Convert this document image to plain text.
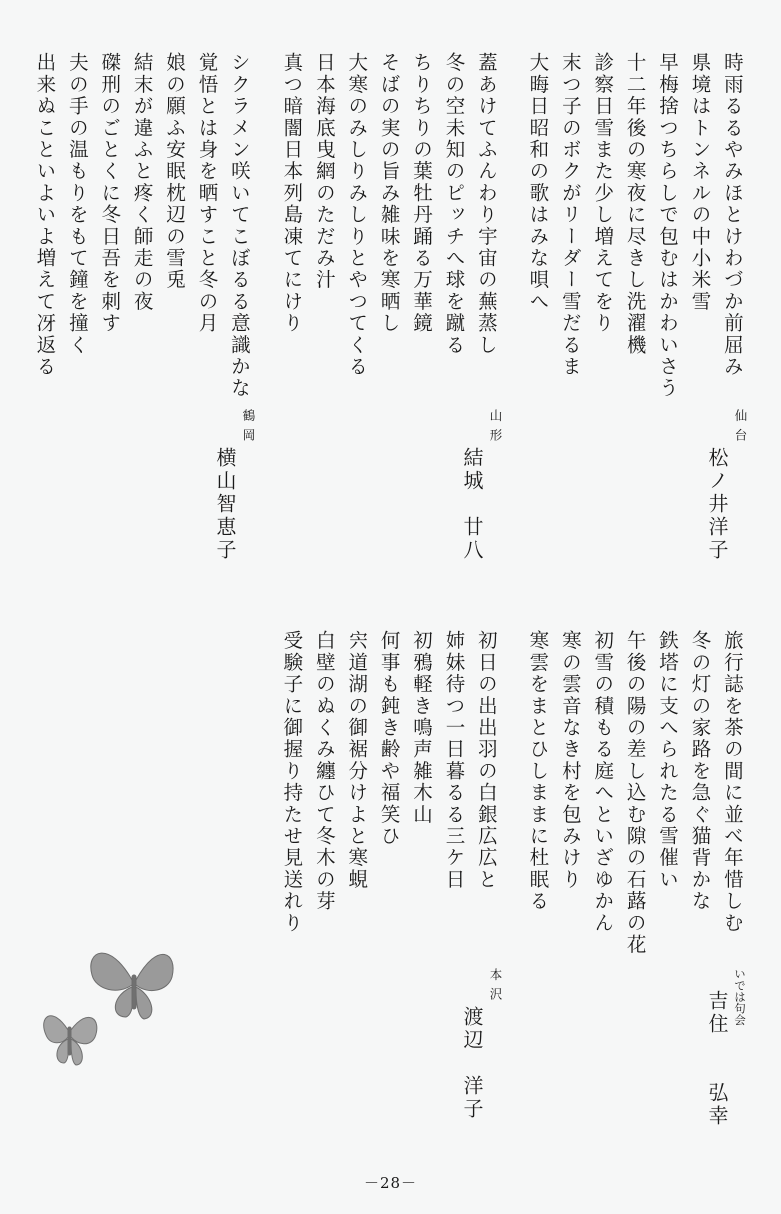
時雨るるやみほとけわづか前屈み
県境はトンネルの中小米雪
早梅捨つちらしで包むはかわいさう
十二年後の寒夜に尽きし洗濯機
診察日雪また少し増えてをり
末つ子のボクがリーダー雪だるま
大晦日昭和の歌はみな唄へ
仙台
松ノ井洋子
蓋あけてふんわり宇宙の蕪蒸し
冬の空未知のピッチへ球を蹴る
ちりちりの葉牡丹踊る万華鏡
そばの実の旨み雑味を寒晒し
大寒のみしりみしりとやつてくる
日本海底曳網のただみ汁
真つ暗闇日本列島凍てにけり
山形
結城　廿八
シクラメン咲いてこぼるる意識かな
覚悟とは身を晒すこと冬の月
娘の願ふ安眠枕辺の雪兎
結末が違ふと疼く師走の夜
磔刑のごとくに冬日吾を刺す
夫の手の温もりをもて鐘を撞く
出来ぬこといよいよ増えて冴返る
鶴岡
横山智恵子
旅行誌を茶の間に並べ年惜しむ
冬の灯の家路を急ぐ猫背かな
鉄塔に支へられたる雪催い
午後の陽の差し込む隙の石蕗の花
初雪の積もる庭へといざゆかん
寒の雲音なき村を包みけり
寒雲をまとひしままに杜眠る
いでは句会
吉住　　弘幸
初日の出出羽の白銀広広と
姉妹待つ一日暮るる三ケ日
初鴉軽き鳴声雑木山
何事も鈍き齢や福笑ひ
宍道湖の御裾分けよと寒蜆
白壁のぬくみ纏ひて冬木の芽
受験子に御握り持たせ見送れり
本沢
渡辺　洋子
－28－
